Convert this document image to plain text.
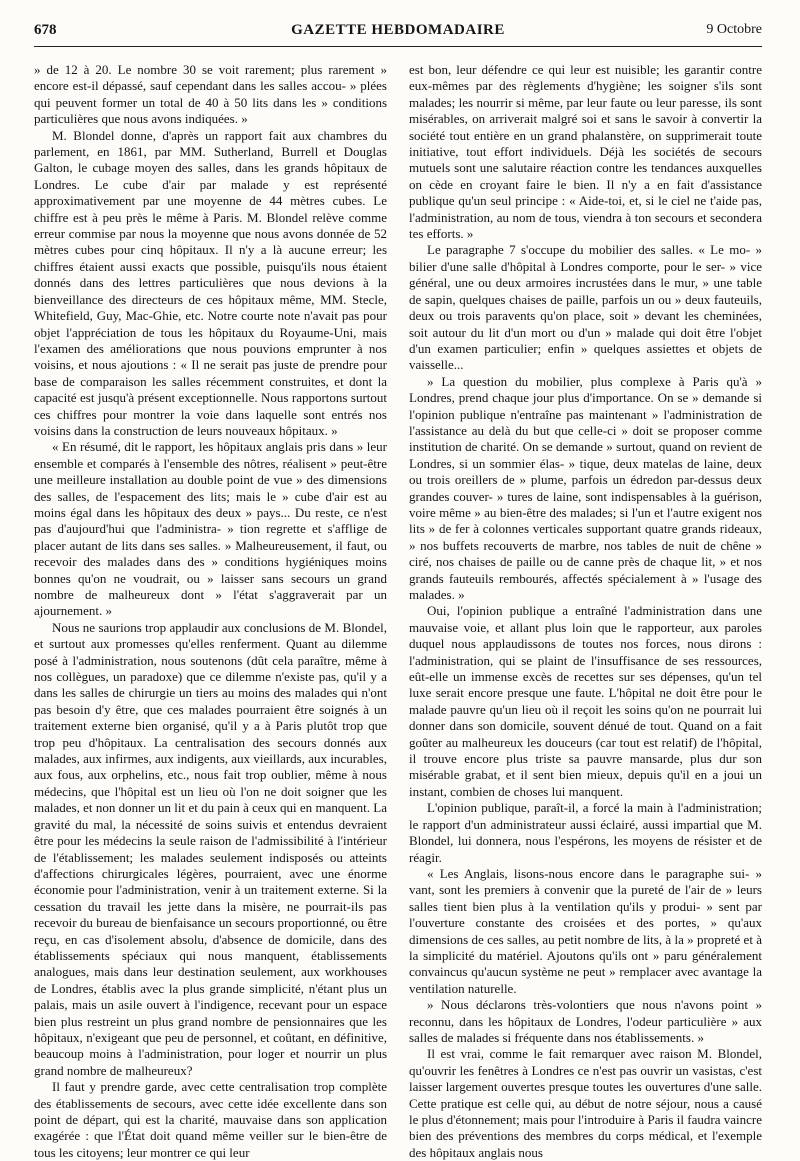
678	GAZETTE HEBDOMADAIRE	9 Octobre

» de 12 à 20. Le nombre 30 se voit rarement; plus rarement » encore est-il dépassé, sauf cependant dans les salles accou- » plées qui peuvent former un total de 40 à 50 lits dans les » conditions particulières que nous avons indiquées. »

M. Blondel donne, d'après un rapport fait aux chambres du parlement, en 1861, par MM. Sutherland, Burrell et Douglas Galton, le cubage moyen des salles, dans les grands hôpitaux de Londres. Le cube d'air par malade y est représenté approximativement par une moyenne de 44 mètres cubes. Le chiffre est à peu près le même à Paris. M. Blondel relève comme erreur commise par nous la moyenne que nous avons donnée de 52 mètres cubes pour cinq hôpitaux. Il n'y a là aucune erreur; les chiffres étaient aussi exacts que possible, puisqu'ils nous étaient donnés dans des lettres particulières que nous devions à la bienveillance des directeurs de ces hôpitaux même, MM. Stecle, Whitefield, Guy, Mac-Ghie, etc. Notre courte note n'avait pas pour objet l'appréciation de tous les hôpitaux du Royaume-Uni, mais l'examen des améliorations que nous pouvions emprunter à nos voisins, et nous ajoutions : « Il ne serait pas juste de prendre pour base de comparaison les salles récemment construites, et dont la capacité est jusqu'à présent exceptionnelle. Nous rapportons surtout ces chiffres pour montrer la voie dans laquelle sont entrés nos voisins dans la construction de leurs nouveaux hôpitaux. »

« En résumé, dit le rapport, les hôpitaux anglais pris dans » leur ensemble et comparés à l'ensemble des nôtres, réalisent » peut-être une meilleure installation au double point de vue » des dimensions des salles, de l'espacement des lits; mais le » cube d'air est au moins égal dans les hôpitaux des deux » pays... Du reste, ce n'est pas d'aujourd'hui que l'administra- » tion regrette et s'afflige de placer autant de lits dans ses salles. » Malheureusement, il faut, ou recevoir des malades dans des » conditions hygiéniques moins bonnes qu'on ne voudrait, ou » laisser sans secours un grand nombre de malheureux dont » l'état s'aggraverait par un ajournement. »

Nous ne saurions trop applaudir aux conclusions de M. Blondel, et surtout aux promesses qu'elles renferment. Quant au dilemme posé à l'administration, nous soutenons (dût cela paraître, même à nos collègues, un paradoxe) que ce dilemme n'existe pas, qu'il y a dans les salles de chirurgie un tiers au moins des malades qui n'ont pas besoin d'y être, que ces malades pourraient être soignés à un traitement externe bien organisé, qu'il y a à Paris plutôt trop que trop peu d'hôpitaux. La centralisation des secours donnés aux malades, aux infirmes, aux indigents, aux vieillards, aux incurables, aux fous, aux orphelins, etc., nous fait trop oublier, même à nous médecins, que l'hôpital est un lieu où l'on ne doit soigner que les malades, et non donner un lit et du pain à ceux qui en manquent. La gravité du mal, la nécessité de soins suivis et entendus devraient être pour les médecins la seule raison de l'admissibilité à l'intérieur de l'établissement; les malades seulement indisposés ou atteints d'affections chirurgicales légères, pourraient, avec une énorme économie pour l'administration, venir à un traitement externe. Si la cessation du travail les jette dans la misère, ne pourrait-ils pas recevoir du bureau de bienfaisance un secours proportionné, ou être reçu, en cas d'isolement absolu, d'absence de domicile, dans des établissements spéciaux qui nous manquent, établissements analogues, mais dans leur destination seulement, aux workhouses de Londres, établis avec la plus grande simplicité, n'étant plus un palais, mais un asile ouvert à l'indigence, recevant pour un espace bien plus restreint un plus grand nombre de pensionnaires que les hôpitaux, n'exigeant que peu de personnel, et coûtant, en définitive, beaucoup moins à l'administration, pour loger et nourrir un plus grand nombre de malheureux?

Il faut y prendre garde, avec cette centralisation trop complète des établissements de secours, avec cette idée excellente dans son point de départ, qui est la charité, mauvaise dans son application exagérée : que l'État doit quand même veiller sur le bien-être de tous les citoyens; leur montrer ce qui leur

est bon, leur défendre ce qui leur est nuisible; les garantir contre eux-mêmes par des règlements d'hygiène; les soigner s'ils sont malades; les nourrir si même, par leur faute ou leur paresse, ils sont misérables, on arriverait malgré soi et sans le savoir à convertir la société tout entière en un grand phalanstère, on supprimerait toute initiative, tout effort individuels. Déjà les sociétés de secours mutuels sont une salutaire réaction contre les tendances auxquelles on cède en croyant faire le bien. Il n'y a en fait d'assistance publique qu'un seul principe : « Aide-toi, et, si le ciel ne t'aide pas, l'administration, au nom de tous, viendra à ton secours et secondera tes efforts. »

Le paragraphe 7 s'occupe du mobilier des salles. « Le mo- » bilier d'une salle d'hôpital à Londres comporte, pour le ser- » vice général, une ou deux armoires incrustées dans le mur, » une table de sapin, quelques chaises de paille, parfois un ou » deux fauteuils, deux ou trois paravents qu'on place, soit » devant les cheminées, soit autour du lit d'un mort ou d'un » malade qui doit être l'objet d'un examen particulier; enfin » quelques assiettes et objets de vaisselle...

» La question du mobilier, plus complexe à Paris qu'à » Londres, prend chaque jour plus d'importance. On se » demande si l'opinion publique n'entraîne pas maintenant » l'administration de l'assistance au delà du but que celle-ci » doit se proposer comme institution de charité. On se demande » surtout, quand on revient de Londres, si un sommier élas- » tique, deux matelas de laine, deux ou trois oreillers de » plume, parfois un édredon par-dessus deux grandes couver- » tures de laine, sont indispensables à la guérison, voire même » au bien-être des malades; si l'un et l'autre exigent nos lits » de fer à colonnes verticales supportant quatre grands rideaux, » nos buffets recouverts de marbre, nos tables de nuit de chêne » ciré, nos chaises de paille ou de canne près de chaque lit, » et nos grands fauteuils rembourés, affectés spécialement à » l'usage des malades. »

Oui, l'opinion publique a entraîné l'administration dans une mauvaise voie, et allant plus loin que le rapporteur, aux paroles duquel nous applaudissons de toutes nos forces, nous dirons : l'administration, qui se plaint de l'insuffisance de ses ressources, eût-elle un immense excès de recettes sur ses dépenses, qu'un tel luxe serait encore presque une faute. L'hôpital ne doit être pour le malade pauvre qu'un lieu où il reçoit les soins qu'on ne pourrait lui donner dans son domicile, souvent dénué de tout. Quand on a fait goûter au malheureux les douceurs (car tout est relatif) de l'hôpital, il trouve encore plus triste sa pauvre mansarde, plus dur son misérable grabat, et il sent bien mieux, depuis qu'il en a joui un instant, combien de choses lui manquent.

L'opinion publique, paraît-il, a forcé la main à l'administration; le rapport d'un administrateur aussi éclairé, aussi impartial que M. Blondel, lui donnera, nous l'espérons, les moyens de résister et de réagir.

« Les Anglais, lisons-nous encore dans le paragraphe sui- » vant, sont les premiers à convenir que la pureté de l'air de » leurs salles tient bien plus à la ventilation qu'ils y produi- » sent par l'ouverture constante des croisées et des portes, » qu'aux dimensions de ces salles, au petit nombre de lits, à la » propreté et à la simplicité du matériel. Ajoutons qu'ils ont » paru généralement convaincus qu'aucun système ne peut » remplacer avec avantage la ventilation naturelle.

» Nous déclarons très-volontiers que nous n'avons point » reconnu, dans les hôpitaux de Londres, l'odeur particulière » aux salles de malades si fréquente dans nos établissements. »

Il est vrai, comme le fait remarquer avec raison M. Blondel, qu'ouvrir les fenêtres à Londres ce n'est pas ouvrir un vasistas, c'est laisser largement ouvertes presque toutes les ouvertures d'une salle. Cette pratique est celle qui, au début de notre séjour, nous a causé le plus d'étonnement; mais pour l'introduire à Paris il faudra vaincre bien des préventions des membres du corps médical, et l'exemple des hôpitaux anglais nous
